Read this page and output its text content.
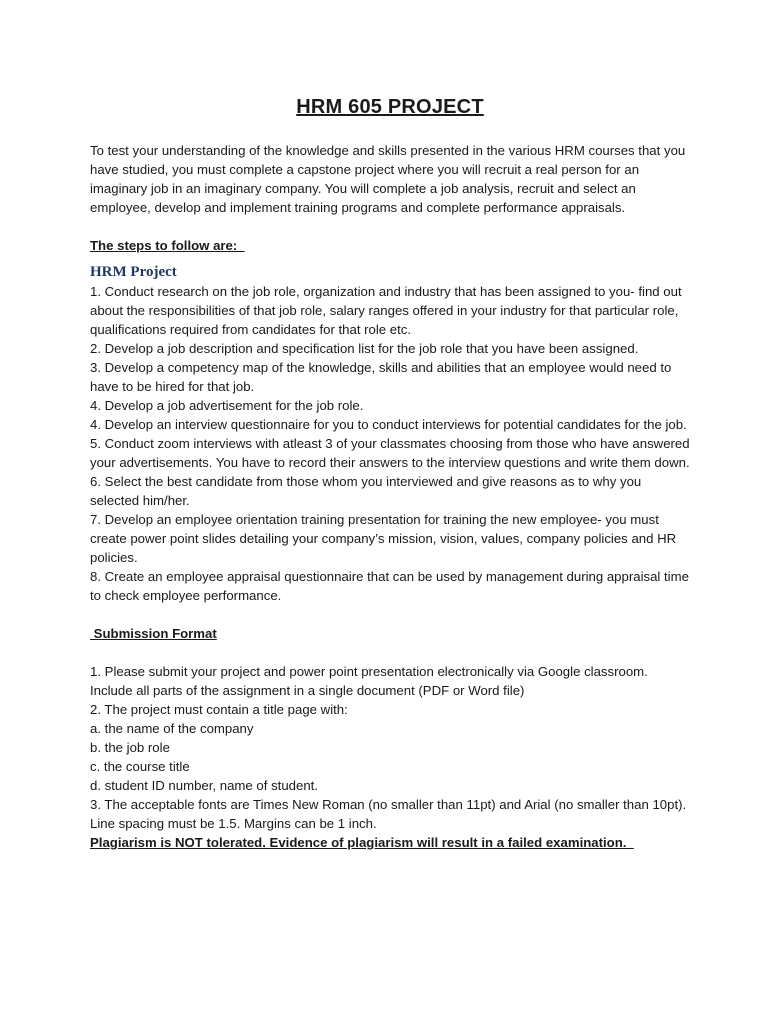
HRM 605 PROJECT

To test your understanding of the knowledge and skills presented in the various HRM courses that you have studied, you must complete a capstone project where you will recruit a real person for an imaginary job in an imaginary company. You will complete a job analysis, recruit and select an employee, develop and implement training programs and complete performance appraisals.

The steps to follow are:

HRM Project

1. Conduct research on the job role, organization and industry that has been assigned to you- find out about the responsibilities of that job role, salary ranges offered in your industry for that particular role, qualifications required from candidates for that role etc.

2. Develop a job description and specification list for the job role that you have been assigned.

3. Develop a competency map of the knowledge, skills and abilities that an employee would need to have to be hired for that job.

4. Develop a job advertisement for the job role.

4. Develop an interview questionnaire for you to conduct interviews for potential candidates for the job.

5. Conduct zoom interviews with atleast 3 of your classmates choosing from those who have answered your advertisements. You have to record their answers to the interview questions and write them down.

6. Select the best candidate from those whom you interviewed and give reasons as to why you selected him/her.

7. Develop an employee orientation training presentation for training the new employee- you must create power point slides detailing your company’s mission, vision, values, company policies and HR policies.

8. Create an employee appraisal questionnaire that can be used by management during appraisal time to check employee performance.

Submission Format

1. Please submit your project and power point presentation electronically via Google classroom. Include all parts of the assignment in a single document (PDF or Word file)

2. The project must contain a title page with:

a. the name of the company

b. the job role

c. the course title

d. student ID number, name of student.

3. The acceptable fonts are Times New Roman (no smaller than 11pt) and Arial (no smaller than 10pt). Line spacing must be 1.5. Margins can be 1 inch.

Plagiarism is NOT tolerated. Evidence of plagiarism will result in a failed examination.
